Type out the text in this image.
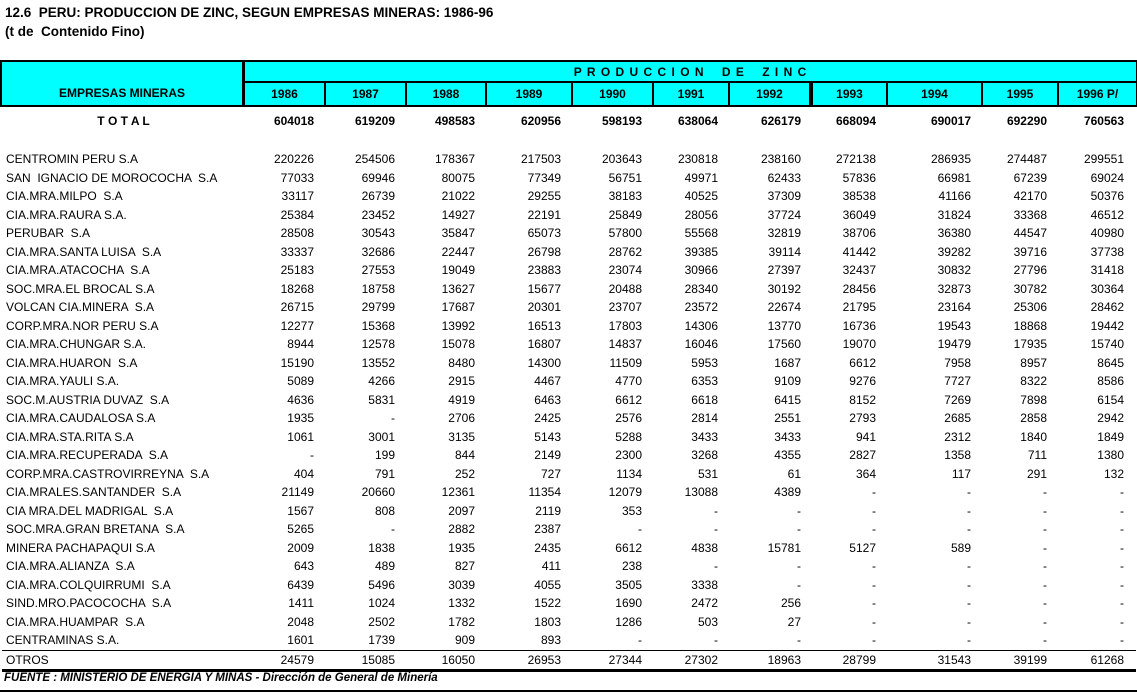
12.6  PERU: PRODUCCION DE ZINC, SEGUN EMPRESAS MINERAS: 1986-96
(t de  Contenido Fino)
EMPRESAS MINERAS
P R O D U C C I O N    D E    Z I N C
1986	1987	1988	1989	1990	1991	1992	1993	1994	1995	1996 P/
T O T A L	604018	619209	498583	620956	598193	638064	626179	668094	690017	692290	760563
CENTROMIN PERU S.A	220226	254506	178367	217503	203643	230818	238160	272138	286935	274487	299551
SAN  IGNACIO DE MOROCOCHA  S.A	77033	69946	80075	77349	56751	49971	62433	57836	66981	67239	69024
CIA.MRA.MILPO  S.A	33117	26739	21022	29255	38183	40525	37309	38538	41166	42170	50376
CIA.MRA.RAURA S.A.	25384	23452	14927	22191	25849	28056	37724	36049	31824	33368	46512
PERUBAR  S.A	28508	30543	35847	65073	57800	55568	32819	38706	36380	44547	40980
CIA.MRA.SANTA LUISA  S.A	33337	32686	22447	26798	28762	39385	39114	41442	39282	39716	37738
CIA.MRA.ATACOCHA  S.A	25183	27553	19049	23883	23074	30966	27397	32437	30832	27796	31418
SOC.MRA.EL BROCAL S.A	18268	18758	13627	15677	20488	28340	30192	28456	32873	30782	30364
VOLCAN CIA.MINERA  S.A	26715	29799	17687	20301	23707	23572	22674	21795	23164	25306	28462
CORP.MRA.NOR PERU S.A	12277	15368	13992	16513	17803	14306	13770	16736	19543	18868	19442
CIA.MRA.CHUNGAR S.A.	8944	12578	15078	16807	14837	16046	17560	19070	19479	17935	15740
CIA.MRA.HUARON  S.A	15190	13552	8480	14300	11509	5953	1687	6612	7958	8957	8645
CIA.MRA.YAULI S.A.	5089	4266	2915	4467	4770	6353	9109	9276	7727	8322	8586
SOC.M.AUSTRIA DUVAZ  S.A	4636	5831	4919	6463	6612	6618	6415	8152	7269	7898	6154
CIA.MRA.CAUDALOSA S.A	1935	-	2706	2425	2576	2814	2551	2793	2685	2858	2942
CIA.MRA.STA.RITA S.A	1061	3001	3135	5143	5288	3433	3433	941	2312	1840	1849
CIA.MRA.RECUPERADA  S.A	-	199	844	2149	2300	3268	4355	2827	1358	711	1380
CORP.MRA.CASTROVIRREYNA  S.A	404	791	252	727	1134	531	61	364	117	291	132
CIA.MRALES.SANTANDER  S.A	21149	20660	12361	11354	12079	13088	4389	-	-	-	-
CIA MRA.DEL MADRIGAL  S.A	1567	808	2097	2119	353	-	-	-	-	-	-
SOC.MRA.GRAN BRETANA  S.A	5265	-	2882	2387	-	-	-	-	-	-	-
MINERA PACHAPAQUI S.A	2009	1838	1935	2435	6612	4838	15781	5127	589	-	-
CIA.MRA.ALIANZA  S.A	643	489	827	411	238	-	-	-	-	-	-
CIA.MRA.COLQUIRRUMI  S.A	6439	5496	3039	4055	3505	3338	-	-	-	-	-
SIND.MRO.PACOCOCHA  S.A	1411	1024	1332	1522	1690	2472	256	-	-	-	-
CIA.MRA.HUAMPAR  S.A	2048	2502	1782	1803	1286	503	27	-	-	-	-
CENTRAMINAS S.A.	1601	1739	909	893	-	-	-	-	-	-	-
OTROS	24579	15085	16050	26953	27344	27302	18963	28799	31543	39199	61268
FUENTE : MINISTERIO DE ENERGIA Y MINAS - Dirección de General de Minería
